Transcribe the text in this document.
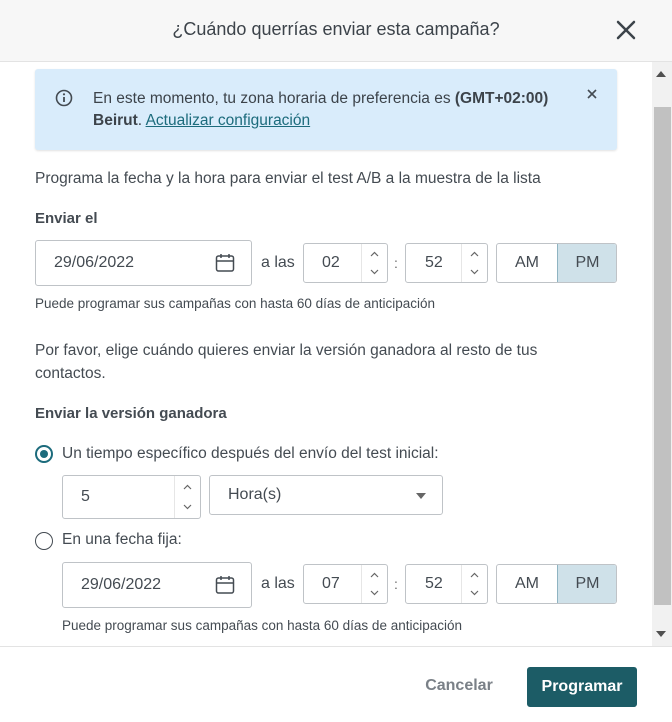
¿Cuándo querrías enviar esta campaña?
En este momento, tu zona horaria de preferencia es (GMT+02:00) Beirut. Actualizar configuración
Programa la fecha y la hora para enviar el test A/B a la muestra de la lista
Enviar el
29/06/2022	a las 02	: 52	AM	PM
Puede programar sus campañas con hasta 60 días de anticipación
Por favor, elige cuándo quieres enviar la versión ganadora al resto de tus contactos.
Enviar la versión ganadora
Un tiempo específico después del envío del test inicial:
5	Hora(s)
En una fecha fija:
29/06/2022	a las 07	: 52	AM	PM
Puede programar sus campañas con hasta 60 días de anticipación
Cancelar	Programar
